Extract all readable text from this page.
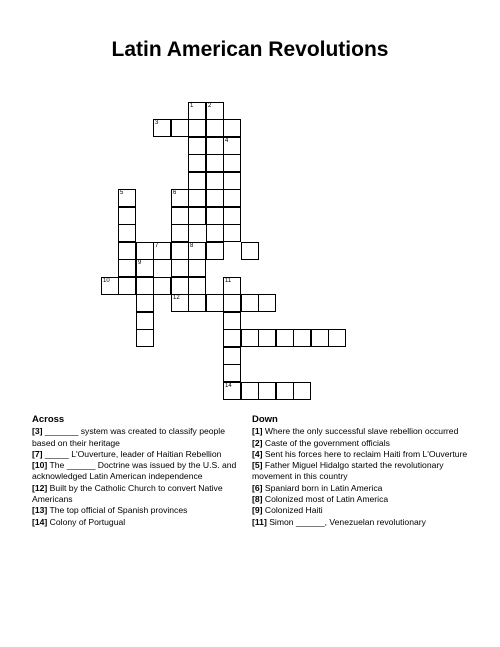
Latin American Revolutions
1 2
3
4
5	6
7	8
9
10	11
12
14
Across

[3] _______ system was created to classify people based on their heritage

[7] _____ L'Ouverture, leader of Haitian Rebellion

[10] The ______ Doctrine was issued by the U.S. and acknowledged Latin American independence

[12] Built by the Catholic Church to convert Native Americans

[13] The top official of Spanish provinces

[14] Colony of Portugual

Down

[1] Where the only successful slave rebellion occurred

[2] Caste of the government officials

[4] Sent his forces here to reclaim Haiti from L'Ouverture

[5] Father Miguel Hidalgo started the revolutionary movement in this country

[6] Spaniard born in Latin America

[8] Colonized most of Latin America

[9] Colonized Haiti

[11] Simon ______, Venezuelan revolutionary
